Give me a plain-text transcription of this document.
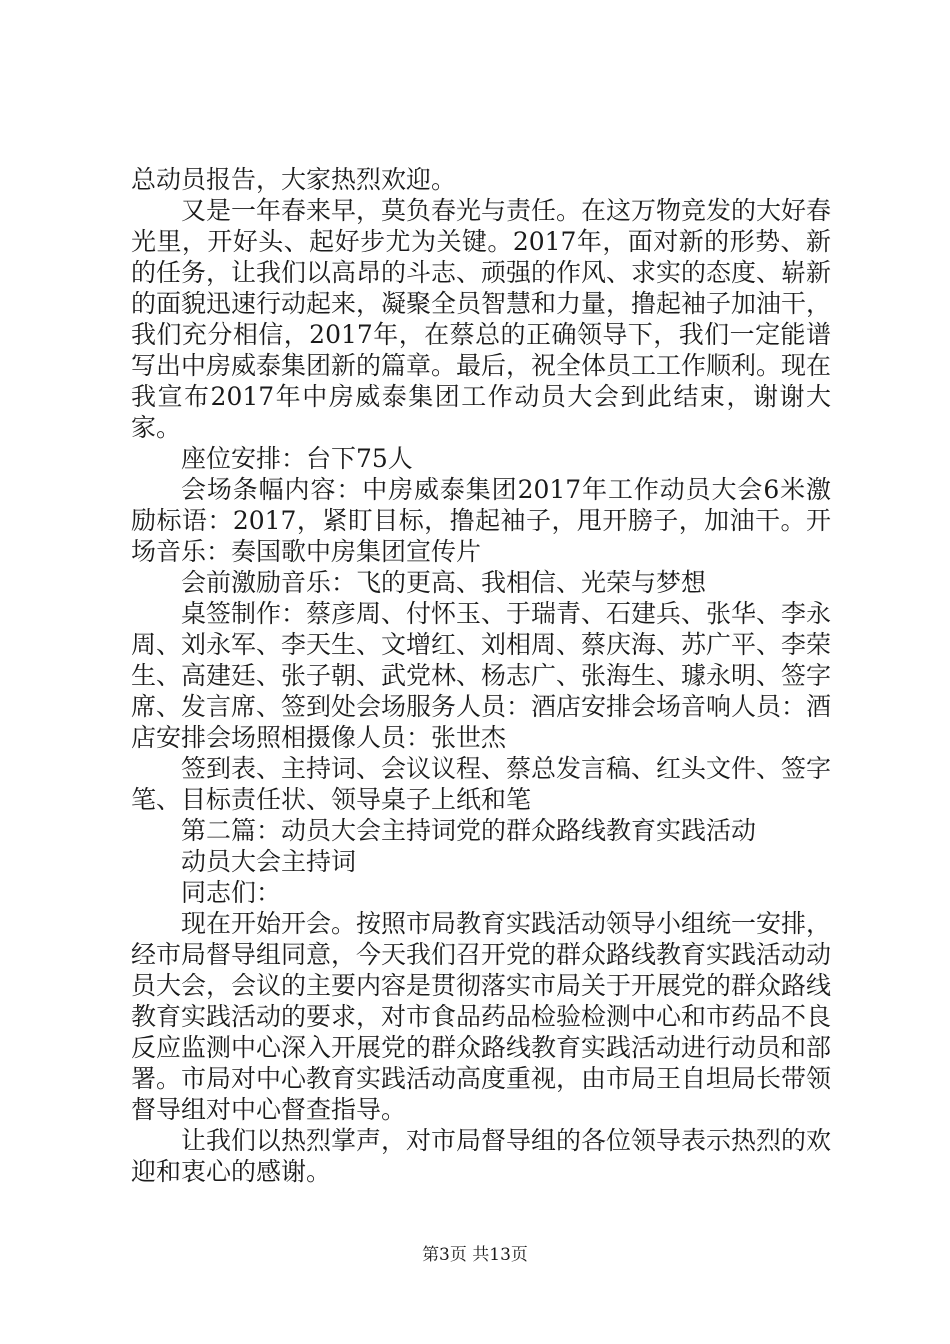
总动员报告，大家热烈欢迎。

又是一年春来早，莫负春光与责任。在这万物竞发的大好春光里，开好头、起好步尤为关键。2017年，面对新的形势、新的任务，让我们以高昂的斗志、顽强的作风、求实的态度、崭新的面貌迅速行动起来，凝聚全员智慧和力量，撸起袖子加油干，我们充分相信，2017年，在蔡总的正确领导下，我们一定能谱写出中房威泰集团新的篇章。最后，祝全体员工工作顺利。现在我宣布2017年中房威泰集团工作动员大会到此结束，谢谢大家。

座位安排：台下75人

会场条幅内容：中房威泰集团2017年工作动员大会6米激励标语：2017，紧盯目标，撸起袖子，甩开膀子，加油干。开场音乐：奏国歌中房集团宣传片

会前激励音乐：飞的更高、我相信、光荣与梦想

桌签制作：蔡彦周、付怀玉、于瑞青、石建兵、张华、李永周、刘永军、李天生、文增红、刘相周、蔡庆海、苏广平、李荣生、高建廷、张子朝、武党林、杨志广、张海生、璩永明、签字席、发言席、签到处会场服务人员：酒店安排会场音响人员：酒店安排会场照相摄像人员：张世杰

签到表、主持词、会议议程、蔡总发言稿、红头文件、签字笔、目标责任状、领导桌子上纸和笔

第二篇：动员大会主持词党的群众路线教育实践活动

动员大会主持词

同志们：

现在开始开会。按照市局教育实践活动领导小组统一安排，经市局督导组同意，今天我们召开党的群众路线教育实践活动动员大会，会议的主要内容是贯彻落实市局关于开展党的群众路线教育实践活动的要求，对市食品药品检验检测中心和市药品不良反应监测中心深入开展党的群众路线教育实践活动进行动员和部署。市局对中心教育实践活动高度重视，由市局王自坦局长带领督导组对中心督查指导。

让我们以热烈掌声，对市局督导组的各位领导表示热烈的欢迎和衷心的感谢。

第3页 共13页
